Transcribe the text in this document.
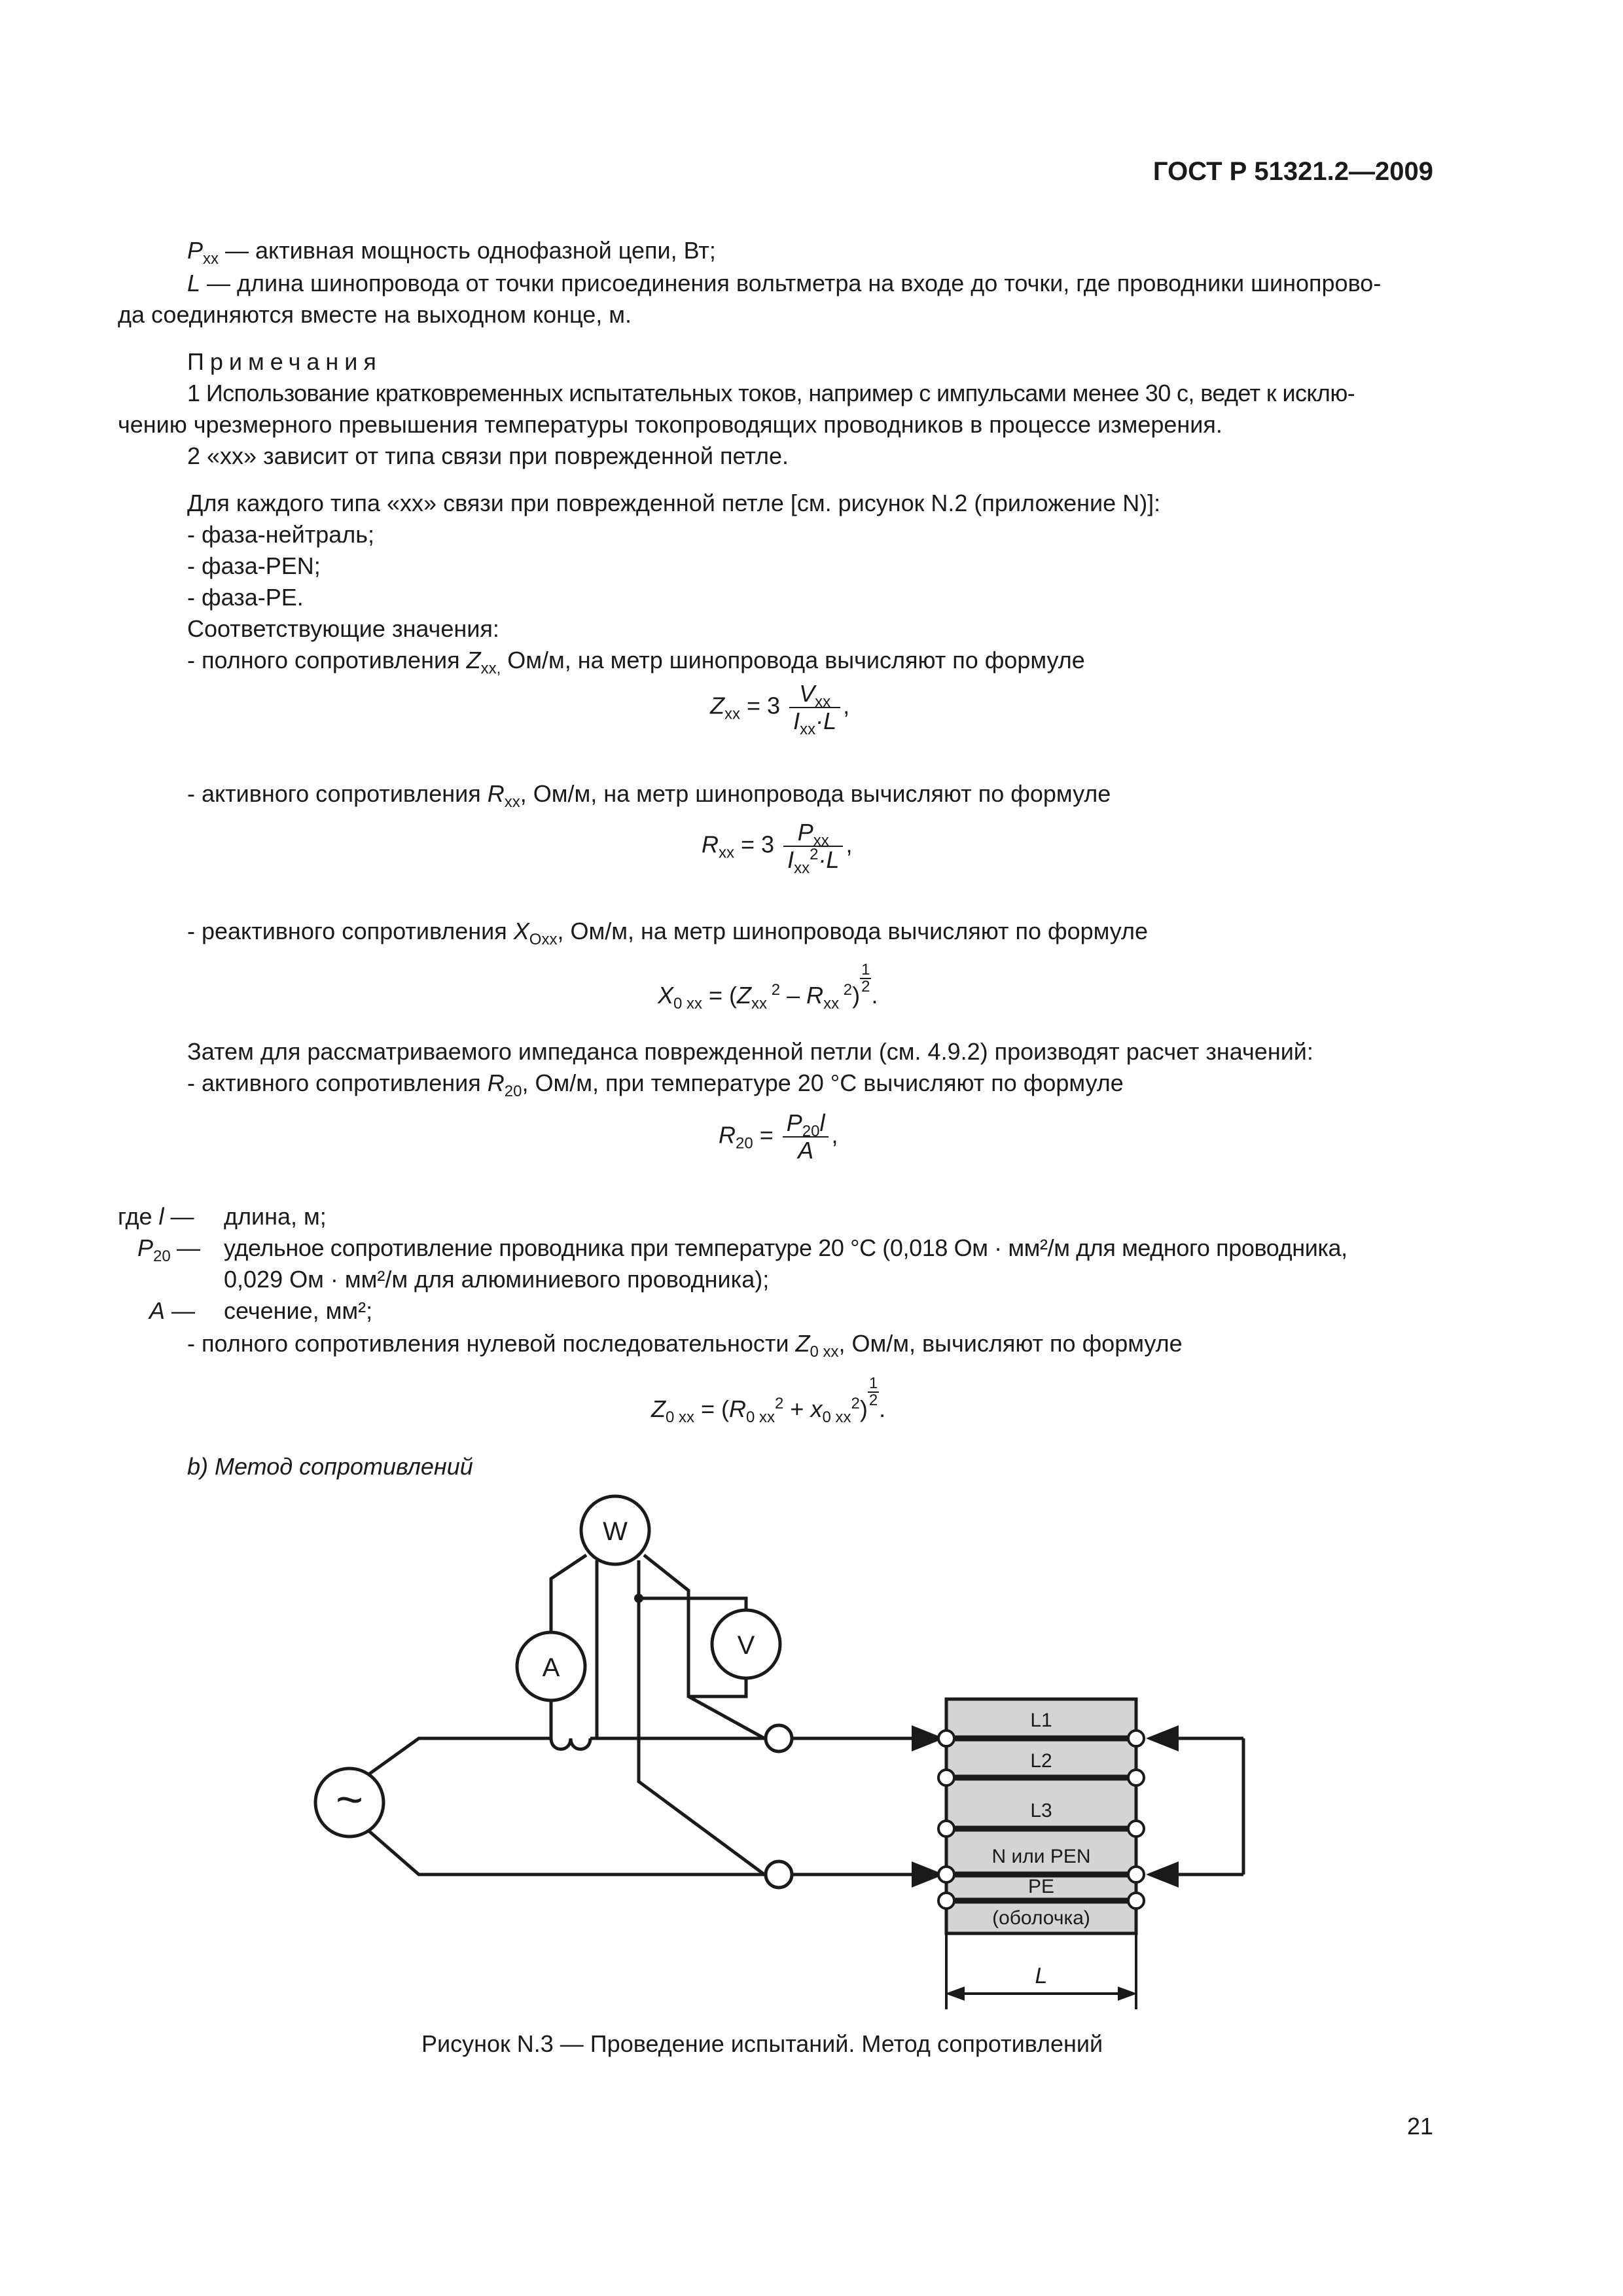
ГОСТ Р 51321.2—2009
$P_{xx}$ — активная мощность однофазной цепи, Вт;
L — длина шинопровода от точки присоединения вольтметра на входе до точки, где проводники шинопрово-
да соединяются вместе на выходном конце, м.
Примечания
1 Использование кратковременных испытательных токов, например с импульсами менее 30 с, ведет к исклю-
чению чрезмерного превышения температуры токопроводящих проводников в процессе измерения.
2 «хх» зависит от типа связи при поврежденной петле.
Для каждого типа «хх» связи при поврежденной петле [см. рисунок N.2 (приложение N)]:
- фаза-нейтраль;
- фаза-PEN;
- фаза-PE.
Соответствующие значения:
- полного сопротивления $Z_{xx,}$ Ом/м, на метр шинопровода вычисляют по формуле
$Z_{xx} = 3 \frac{V_{xx}}{I_{xx}\cdot L}$ ,
- активного сопротивления $R_{xx}$, Ом/м, на метр шинопровода вычисляют по формуле
$R_{xx} = 3 \frac{P_{xx}}{I_{xx}^2\cdot L}$ ,
- реактивного сопротивления $X_{Oxx}$, Ом/м, на метр шинопровода вычисляют по формуле
$X_{0 xx} = (Z_{xx}$ $^2 - R_{xx}$ $^2$)
$\frac{1}{2}$
.
Затем для рассматриваемого импеданса поврежденной петли (см. 4.9.2) производят расчет значений:
- активного сопротивления $R_{20}$, Ом/м, при температуре 20 °C вычисляют по формуле
$R_{20} = \frac{P_{20}l}{A}$ ,
где l — длина, м;
$P_{20}$ — удельное сопротивление проводника при температуре 20 °C (0,018 Ом · мм²/м для медного проводника,
0,029 Ом · мм²/м для алюминиевого проводника);
A — сечение, мм²;
- полного сопротивления нулевой последовательности $Z_{0 xx}$, Ом/м, вычисляют по формуле
$Z_{0 xx} = (R_{0 xx}^2 + x_{0 xx}^2)$
$\frac{1}{2}$
.
b) Метод сопротивлений
W
A
V
~
L1
L2
L3
N или PEN
PE
(оболочка)
L
Рисунок N.3 — Проведение испытаний. Метод сопротивлений
21
